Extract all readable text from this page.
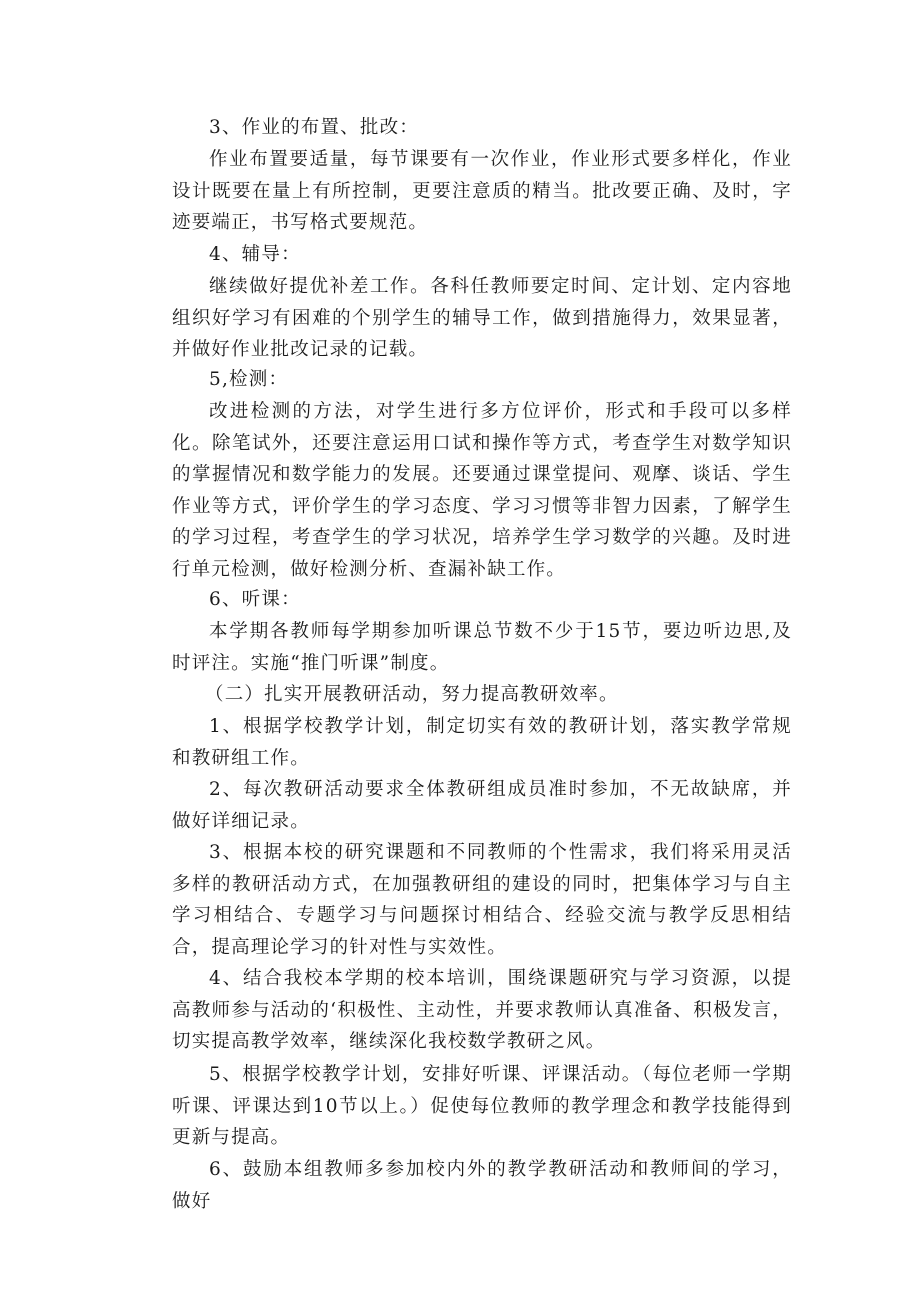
3、作业的布置、批改：

作业布置要适量，每节课要有一次作业，作业形式要多样化，作业设计既要在量上有所控制，更要注意质的精当。批改要正确、及时，字迹要端正，书写格式要规范。

4、辅导：

继续做好提优补差工作。各科任教师要定时间、定计划、定内容地组织好学习有困难的个别学生的辅导工作，做到措施得力，效果显著，并做好作业批改记录的记载。

5,检测：

改进检测的方法，对学生进行多方位评价，形式和手段可以多样化。除笔试外，还要注意运用口试和操作等方式，考查学生对数学知识的掌握情况和数学能力的发展。还要通过课堂提问、观摩、谈话、学生作业等方式，评价学生的学习态度、学习习惯等非智力因素，了解学生的学习过程，考查学生的学习状况，培养学生学习数学的兴趣。及时进行单元检测，做好检测分析、查漏补缺工作。

6、听课：

本学期各教师每学期参加听课总节数不少于15节，要边听边思,及时评注。实施“推门听课”制度。

（二）扎实开展教研活动，努力提高教研效率。

1、根据学校教学计划，制定切实有效的教研计划，落实教学常规和教研组工作。

2、每次教研活动要求全体教研组成员准时参加，不无故缺席，并做好详细记录。

3、根据本校的研究课题和不同教师的个性需求，我们将采用灵活多样的教研活动方式，在加强教研组的建设的同时，把集体学习与自主学习相结合、专题学习与问题探讨相结合、经验交流与教学反思相结合，提高理论学习的针对性与实效性。

4、结合我校本学期的校本培训，围绕课题研究与学习资源，以提高教师参与活动的‘积极性、主动性，并要求教师认真准备、积极发言，切实提高教学效率，继续深化我校数学教研之风。

5、根据学校教学计划，安排好听课、评课活动。（每位老师一学期听课、评课达到10节以上。）促使每位教师的教学理念和教学技能得到更新与提高。

6、鼓励本组教师多参加校内外的教学教研活动和教师间的学习，做好
